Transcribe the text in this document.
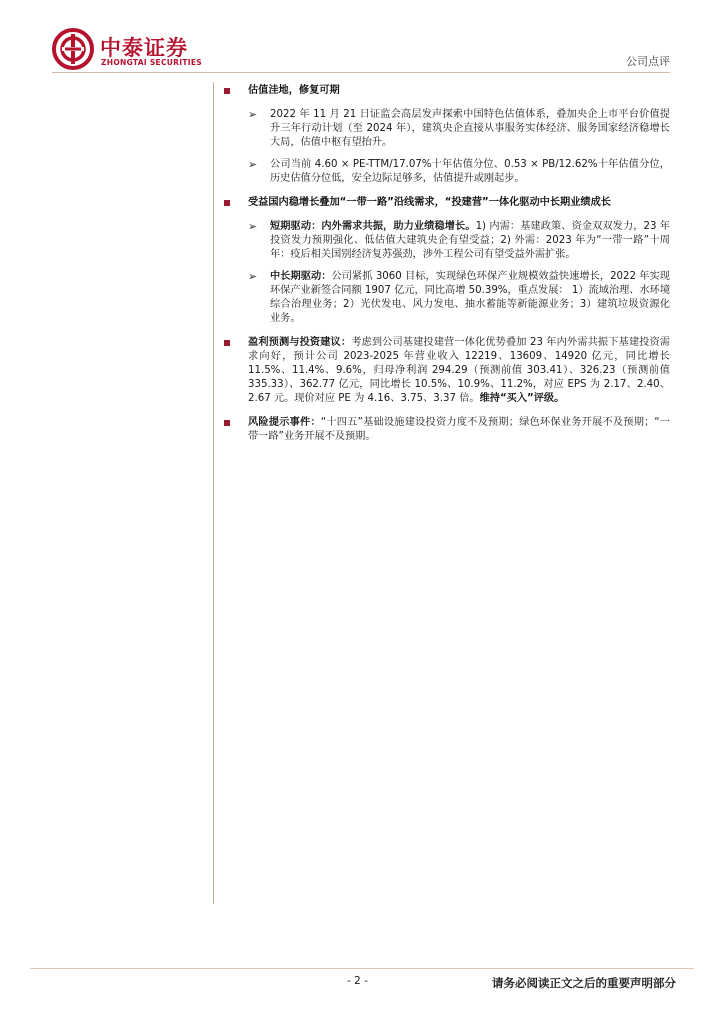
中泰证券
ZHONGTAI SECURITIES	公司点评
估值洼地，修复可期
➢ 2022 年 11 月 21 日证监会高层发声探索中国特色估值体系，叠加央企上市平台价值提升三年行动计划（至 2024 年），建筑央企直接从事服务实体经济、服务国家经济稳增长大局，估值中枢有望抬升。
➢ 公司当前 4.60 × PE-TTM/17.07%十年估值分位、0.53 × PB/12.62%十年估值分位，历史估值分位低，安全边际足够多，估值提升或刚起步。
受益国内稳增长叠加“一带一路”沿线需求，“投建营”一体化驱动中长期业绩成长
➢ 短期驱动：内外需求共振，助力业绩稳增长。1) 内需：基建政策、资金双双发力，23 年投资发力预期强化、低估值大建筑央企有望受益；2) 外需：2023 年为“一带一路”十周年：疫后相关国别经济复苏强劲，涉外工程公司有望受益外需扩张。
➢ 中长期驱动：公司紧抓 3060 目标，实现绿色环保产业规模效益快速增长，2022 年实现环保产业新签合同额 1907 亿元，同比高增 50.39%，重点发展： 1）流域治理、水环境综合治理业务；2）光伏发电、风力发电、抽水蓄能等新能源业务；3）建筑垃圾资源化业务。
盈利预测与投资建议：考虑到公司基建投建营一体化优势叠加 23 年内外需共振下基建投资需求向好，预计公司 2023-2025 年营业收入 12219、13609、14920 亿元，同比增长 11.5%、11.4%、9.6%，归母净利润 294.29（预测前值 303.41）、326.23（预测前值 335.33）、362.77 亿元，同比增长 10.5%、10.9%、11.2%，对应 EPS 为 2.17、2.40、2.67 元。现价对应 PE 为 4.16、3.75、3.37 倍。维持“买入”评级。
风险提示事件：“十四五”基础设施建设投资力度不及预期；绿色环保业务开展不及预期；“一带一路”业务开展不及预期。
- 2 -	请务必阅读正文之后的重要声明部分
